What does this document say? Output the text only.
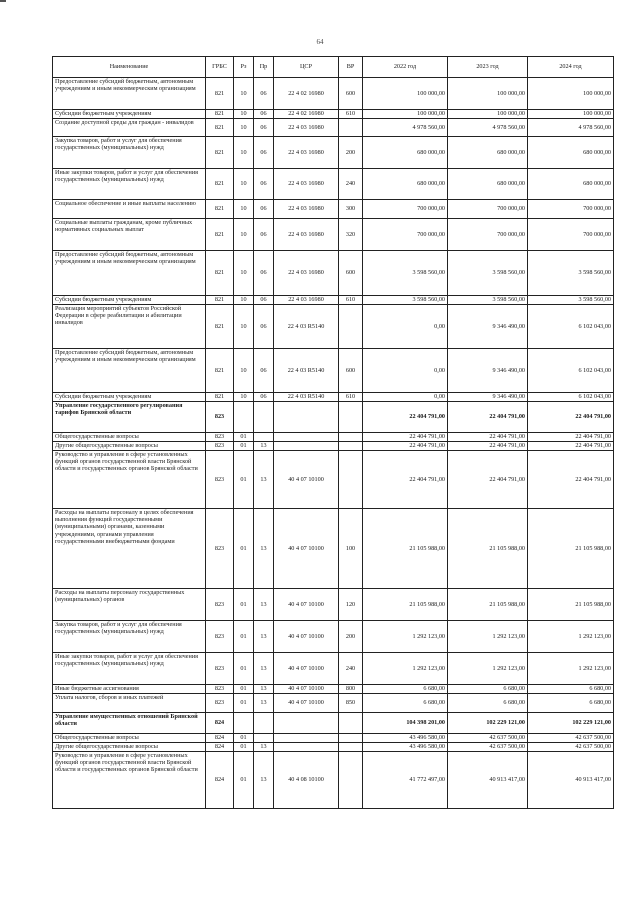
64
Наименование	ГРБС	Рз	Пр	ЦСР	ВР	2022 год	2023 год	2024 год
Предоставление субсидий бюджетным, автономным учреждениям и иным некоммерческим организациям	821	10	06	22 4 02 16980	600	100 000,00	100 000,00	100 000,00
Субсидии бюджетным учреждениям	821	10	06	22 4 02 16980	610	100 000,00	100 000,00	100 000,00
Создание доступной среды для граждан - инвалидов	821	10	06	22 4 03 16980		4 978 560,00	4 978 560,00	4 978 560,00
Закупка товаров, работ и услуг для обеспечения государственных (муниципальных) нужд	821	10	06	22 4 03 16980	200	680 000,00	680 000,00	680 000,00
Иные закупки товаров, работ и услуг для обеспечения государственных (муниципальных) нужд	821	10	06	22 4 03 16980	240	680 000,00	680 000,00	680 000,00
Социальное обеспечение и иные выплаты населению	821	10	06	22 4 03 16980	300	700 000,00	700 000,00	700 000,00
Социальные выплаты гражданам, кроме публичных нормативных социальных выплат	821	10	06	22 4 03 16980	320	700 000,00	700 000,00	700 000,00
Предоставление субсидий бюджетным, автономным учреждениям и иным некоммерческим организациям	821	10	06	22 4 03 16980	600	3 598 560,00	3 598 560,00	3 598 560,00
Субсидии бюджетным учреждениям	821	10	06	22 4 03 16980	610	3 598 560,00	3 598 560,00	3 598 560,00
Реализация мероприятий субъектов Российской Федерации в сфере реабилитации и абилитации инвалидов	821	10	06	22 4 03 R5140		0,00	9 346 490,00	6 102 043,00
Предоставление субсидий бюджетным, автономным учреждениям и иным некоммерческим организациям	821	10	06	22 4 03 R5140	600	0,00	9 346 490,00	6 102 043,00
Субсидии бюджетным учреждениям	821	10	06	22 4 03 R5140	610	0,00	9 346 490,00	6 102 043,00
Управление государственного регулирования тарифов Брянской области	823					22 404 791,00	22 404 791,00	22 404 791,00
Общегосударственные вопросы	823	01				22 404 791,00	22 404 791,00	22 404 791,00
Другие общегосударственные вопросы	823	01	13			22 404 791,00	22 404 791,00	22 404 791,00
Руководство и управление в сфере установленных функций органов государственной власти Брянской области и государственных органов Брянской области	823	01	13	40 4 07 10100		22 404 791,00	22 404 791,00	22 404 791,00
Расходы на выплаты персоналу в целях обеспечения выполнения функций государственными (муниципальными) органами, казенными учреждениями, органами управления государственными внебюджетными фондами	823	01	13	40 4 07 10100	100	21 105 988,00	21 105 988,00	21 105 988,00
Расходы на выплаты персоналу государственных (муниципальных) органов	823	01	13	40 4 07 10100	120	21 105 988,00	21 105 988,00	21 105 988,00
Закупка товаров, работ и услуг для обеспечения государственных (муниципальных) нужд	823	01	13	40 4 07 10100	200	1 292 123,00	1 292 123,00	1 292 123,00
Иные закупки товаров, работ и услуг для обеспечения государственных (муниципальных) нужд	823	01	13	40 4 07 10100	240	1 292 123,00	1 292 123,00	1 292 123,00
Иные бюджетные ассигнования	823	01	13	40 4 07 10100	800	6 680,00	6 680,00	6 680,00
Уплата налогов, сборов и иных платежей	823	01	13	40 4 07 10100	850	6 680,00	6 680,00	6 680,00
Управление имущественных отношений Брянской области	824					104 398 201,00	102 229 121,00	102 229 121,00
Общегосударственные вопросы	824	01				43 496 580,00	42 637 500,00	42 637 500,00
Другие общегосударственные вопросы	824	01	13			43 496 580,00	42 637 500,00	42 637 500,00
Руководство и управление в сфере установленных функций органов государственной власти Брянской области и государственных органов Брянской области	824	01	13	40 4 08 10100		41 772 497,00	40 913 417,00	40 913 417,00
